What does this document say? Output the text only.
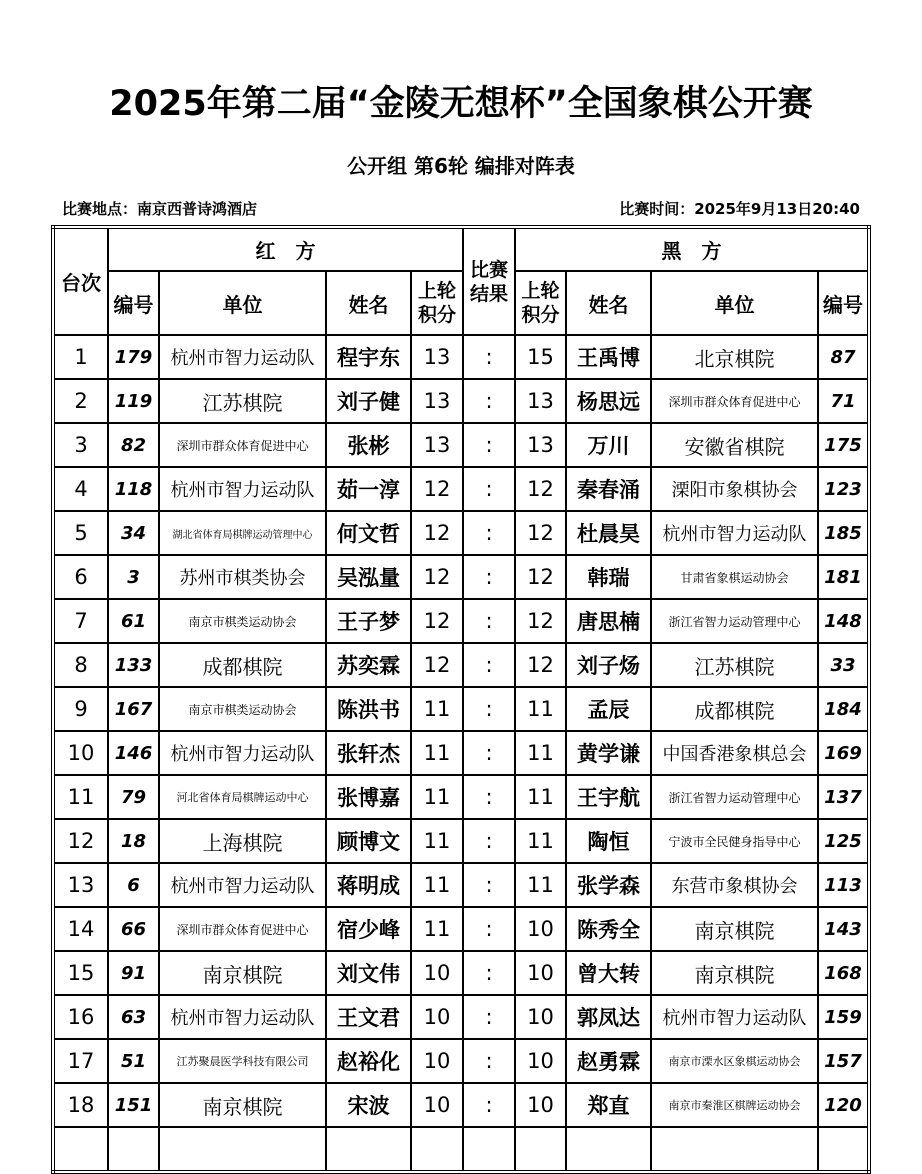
2025年第二届“金陵无想杯”全国象棋公开赛
公开组 第6轮 编排对阵表
比赛地点：南京西普诗鸿酒店	比赛时间：2025年9月13日20:40
台次	红　方				比赛结果	黑　方			
	编号	单位	姓名	上轮积分		上轮积分	姓名	单位	编号
1	179	杭州市智力运动队	程宇东	13	:	15	王禹博	北京棋院	87
2	119	江苏棋院	刘子健	13	:	13	杨思远	深圳市群众体育促进中心	71
3	82	深圳市群众体育促进中心	张彬	13	:	13	万川	安徽省棋院	175
4	118	杭州市智力运动队	茹一淳	12	:	12	秦春涌	溧阳市象棋协会	123
5	34	湖北省体育局棋牌运动管理中心	何文哲	12	:	12	杜晨昊	杭州市智力运动队	185
6	3	苏州市棋类协会	吴泓量	12	:	12	韩瑞	甘肃省象棋运动协会	181
7	61	南京市棋类运动协会	王子梦	12	:	12	唐思楠	浙江省智力运动管理中心	148
8	133	成都棋院	苏奕霖	12	:	12	刘子炀	江苏棋院	33
9	167	南京市棋类运动协会	陈洪书	11	:	11	孟辰	成都棋院	184
10	146	杭州市智力运动队	张轩杰	11	:	11	黄学谦	中国香港象棋总会	169
11	79	河北省体育局棋牌运动中心	张博嘉	11	:	11	王宇航	浙江省智力运动管理中心	137
12	18	上海棋院	顾博文	11	:	11	陶恒	宁波市全民健身指导中心	125
13	6	杭州市智力运动队	蒋明成	11	:	11	张学森	东营市象棋协会	113
14	66	深圳市群众体育促进中心	宿少峰	11	:	10	陈秀全	南京棋院	143
15	91	南京棋院	刘文伟	10	:	10	曾大转	南京棋院	168
16	63	杭州市智力运动队	王文君	10	:	10	郭凤达	杭州市智力运动队	159
17	51	江苏聚晨医学科技有限公司	赵裕化	10	:	10	赵勇霖	南京市溧水区象棋运动协会	157
18	151	南京棋院	宋波	10	:	10	郑直	南京市秦淮区棋牌运动协会	120
